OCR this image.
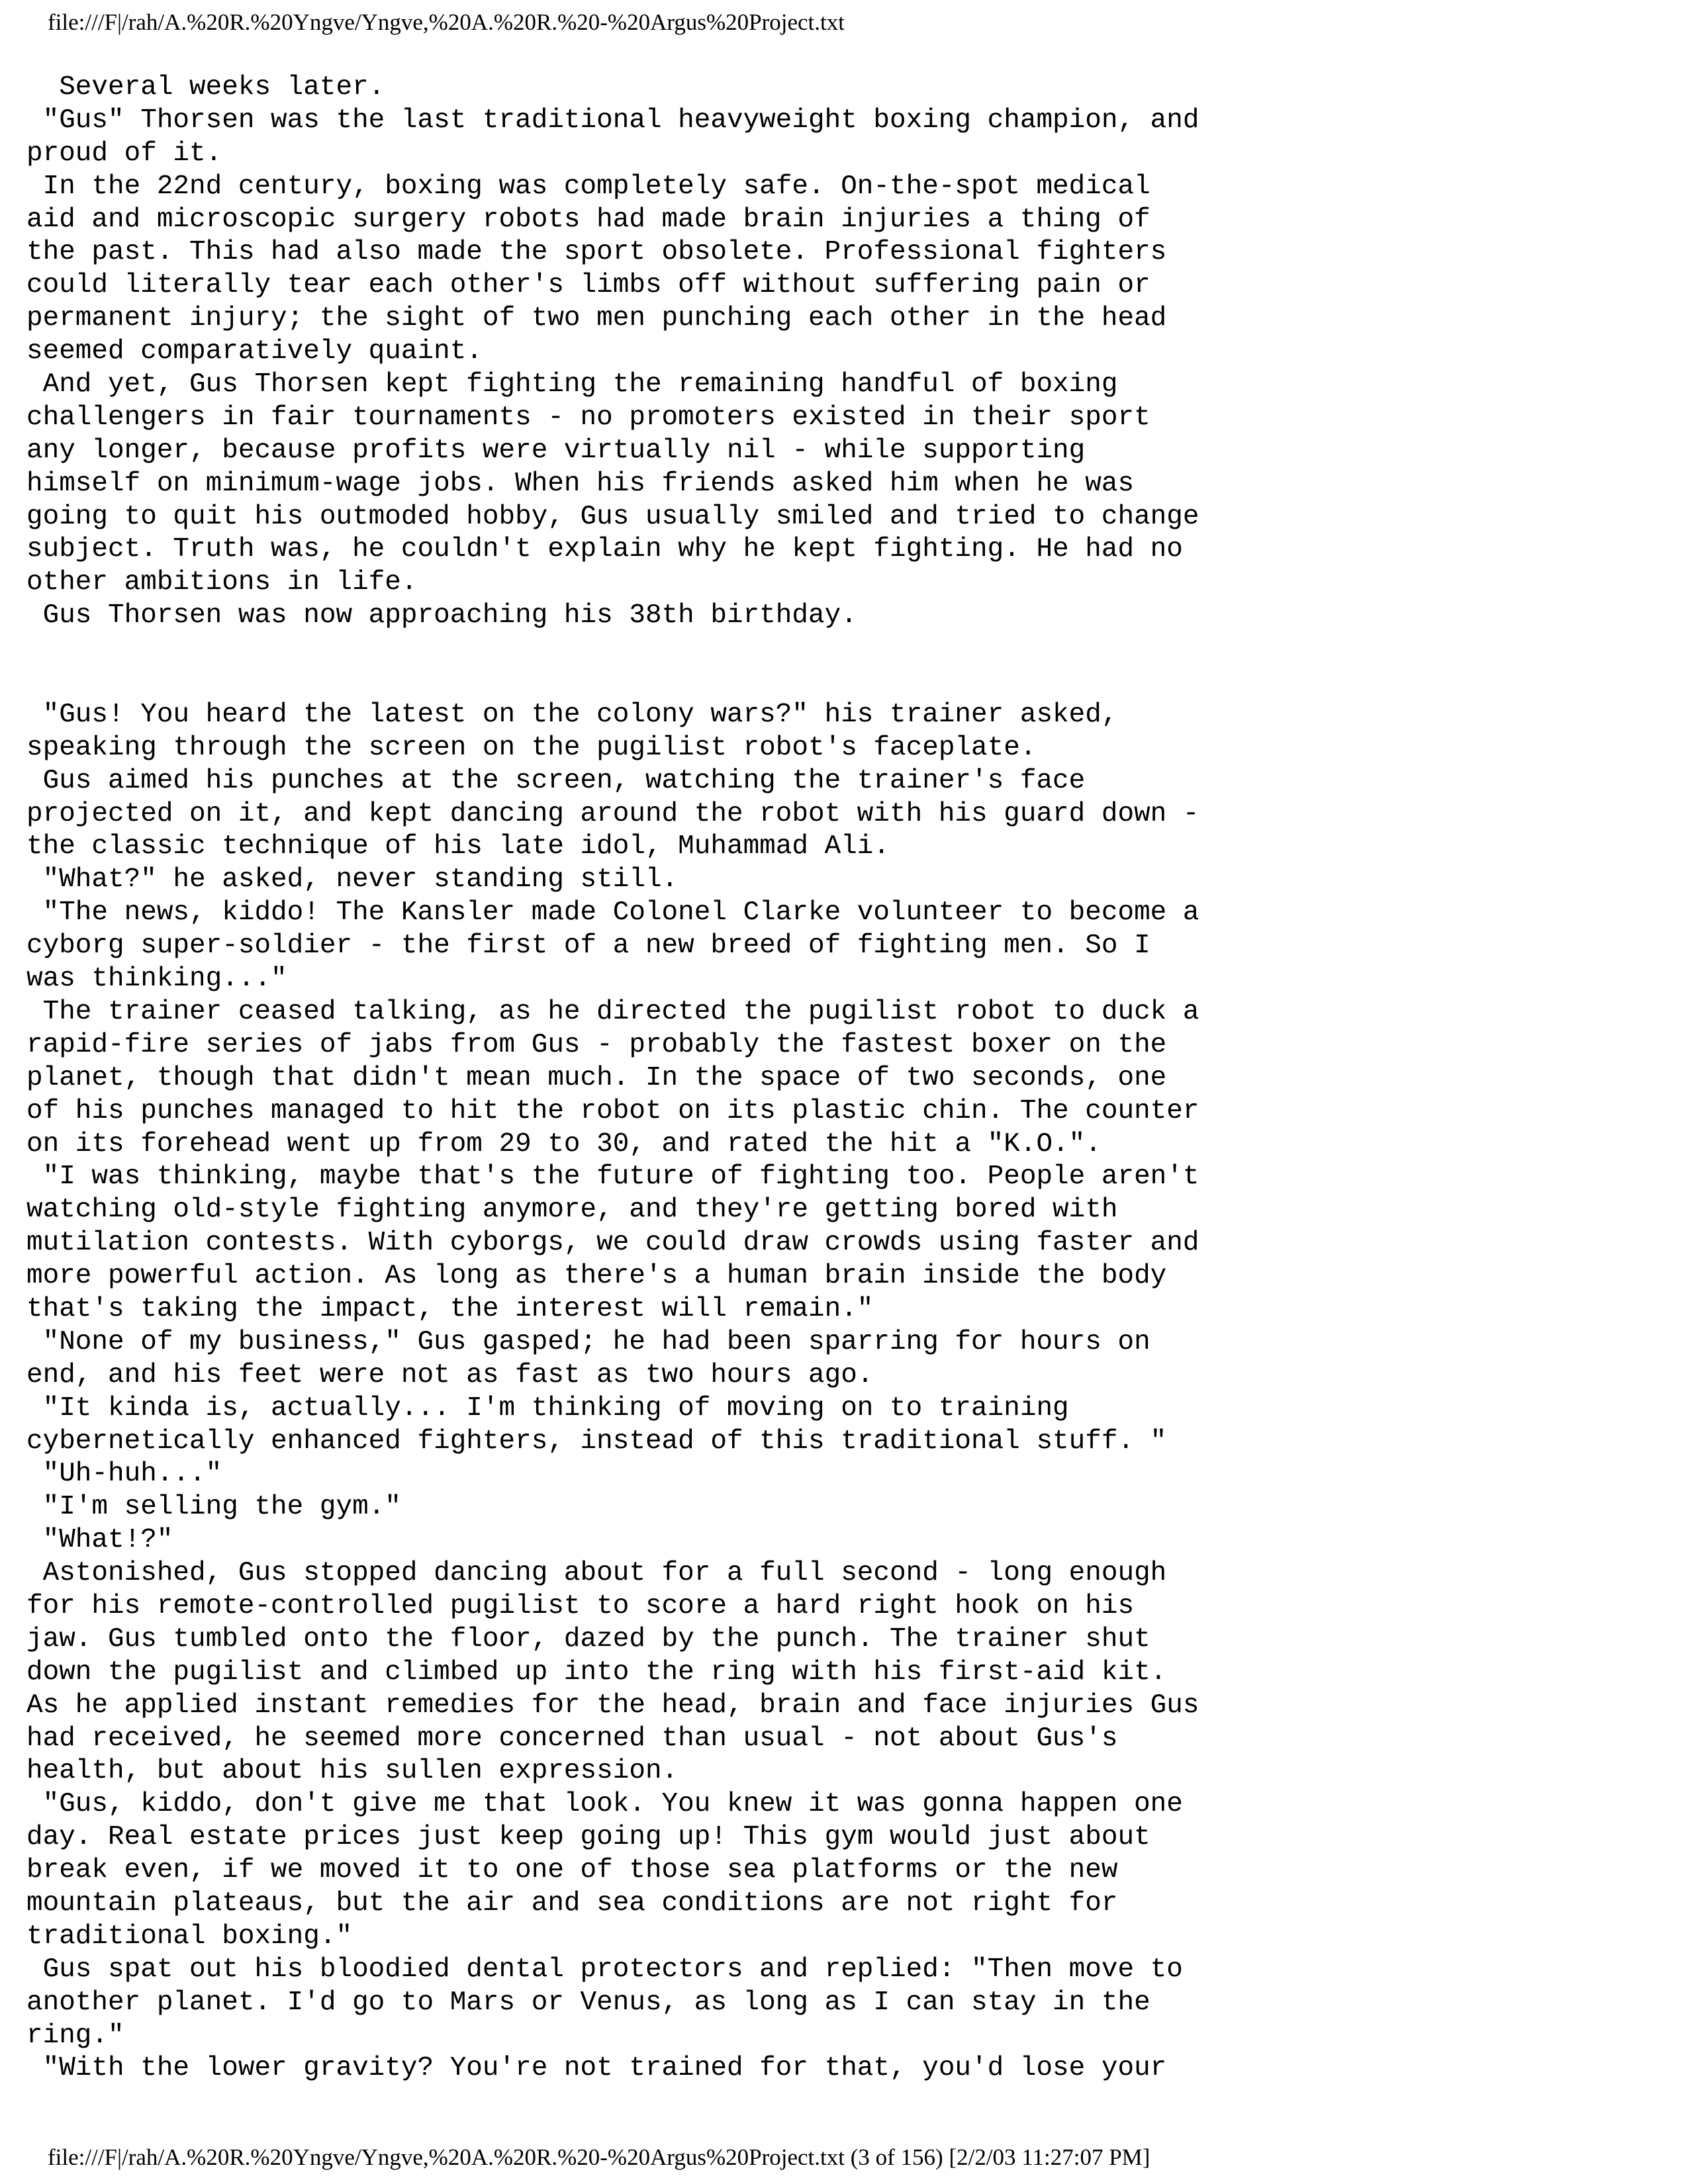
file:///F|/rah/A.%20R.%20Yngve/Yngve,%20A.%20R.%20-%20Argus%20Project.txt
Several weeks later.
"Gus" Thorsen was the last traditional heavyweight boxing champion, and
proud of it.
In the 22nd century, boxing was completely safe. On-the-spot medical
aid and microscopic surgery robots had made brain injuries a thing of
the past. This had also made the sport obsolete. Professional fighters
could literally tear each other's limbs off without suffering pain or
permanent injury; the sight of two men punching each other in the head
seemed comparatively quaint.
And yet, Gus Thorsen kept fighting the remaining handful of boxing
challengers in fair tournaments - no promoters existed in their sport
any longer, because profits were virtually nil - while supporting
himself on minimum-wage jobs. When his friends asked him when he was
going to quit his outmoded hobby, Gus usually smiled and tried to change
subject. Truth was, he couldn't explain why he kept fighting. He had no
other ambitions in life.
Gus Thorsen was now approaching his 38th birthday.
"Gus! You heard the latest on the colony wars?" his trainer asked,
speaking through the screen on the pugilist robot's faceplate.
Gus aimed his punches at the screen, watching the trainer's face
projected on it, and kept dancing around the robot with his guard down -
the classic technique of his late idol, Muhammad Ali.
"What?" he asked, never standing still.
"The news, kiddo! The Kansler made Colonel Clarke volunteer to become a
cyborg super-soldier - the first of a new breed of fighting men. So I
was thinking..."
The trainer ceased talking, as he directed the pugilist robot to duck a
rapid-fire series of jabs from Gus - probably the fastest boxer on the
planet, though that didn't mean much. In the space of two seconds, one
of his punches managed to hit the robot on its plastic chin. The counter
on its forehead went up from 29 to 30, and rated the hit a "K.O.".
"I was thinking, maybe that's the future of fighting too. People aren't
watching old-style fighting anymore, and they're getting bored with
mutilation contests. With cyborgs, we could draw crowds using faster and
more powerful action. As long as there's a human brain inside the body
that's taking the impact, the interest will remain."
"None of my business," Gus gasped; he had been sparring for hours on
end, and his feet were not as fast as two hours ago.
"It kinda is, actually... I'm thinking of moving on to training
cybernetically enhanced fighters, instead of this traditional stuff. "
"Uh-huh..."
"I'm selling the gym."
"What!?"
Astonished, Gus stopped dancing about for a full second - long enough
for his remote-controlled pugilist to score a hard right hook on his
jaw. Gus tumbled onto the floor, dazed by the punch. The trainer shut
down the pugilist and climbed up into the ring with his first-aid kit.
As he applied instant remedies for the head, brain and face injuries Gus
had received, he seemed more concerned than usual - not about Gus's
health, but about his sullen expression.
"Gus, kiddo, don't give me that look. You knew it was gonna happen one
day. Real estate prices just keep going up! This gym would just about
break even, if we moved it to one of those sea platforms or the new
mountain plateaus, but the air and sea conditions are not right for
traditional boxing."
Gus spat out his bloodied dental protectors and replied: "Then move to
another planet. I'd go to Mars or Venus, as long as I can stay in the
ring."
"With the lower gravity? You're not trained for that, you'd lose your
file:///F|/rah/A.%20R.%20Yngve/Yngve,%20A.%20R.%20-%20Argus%20Project.txt (3 of 156) [2/2/03 11:27:07 PM]
